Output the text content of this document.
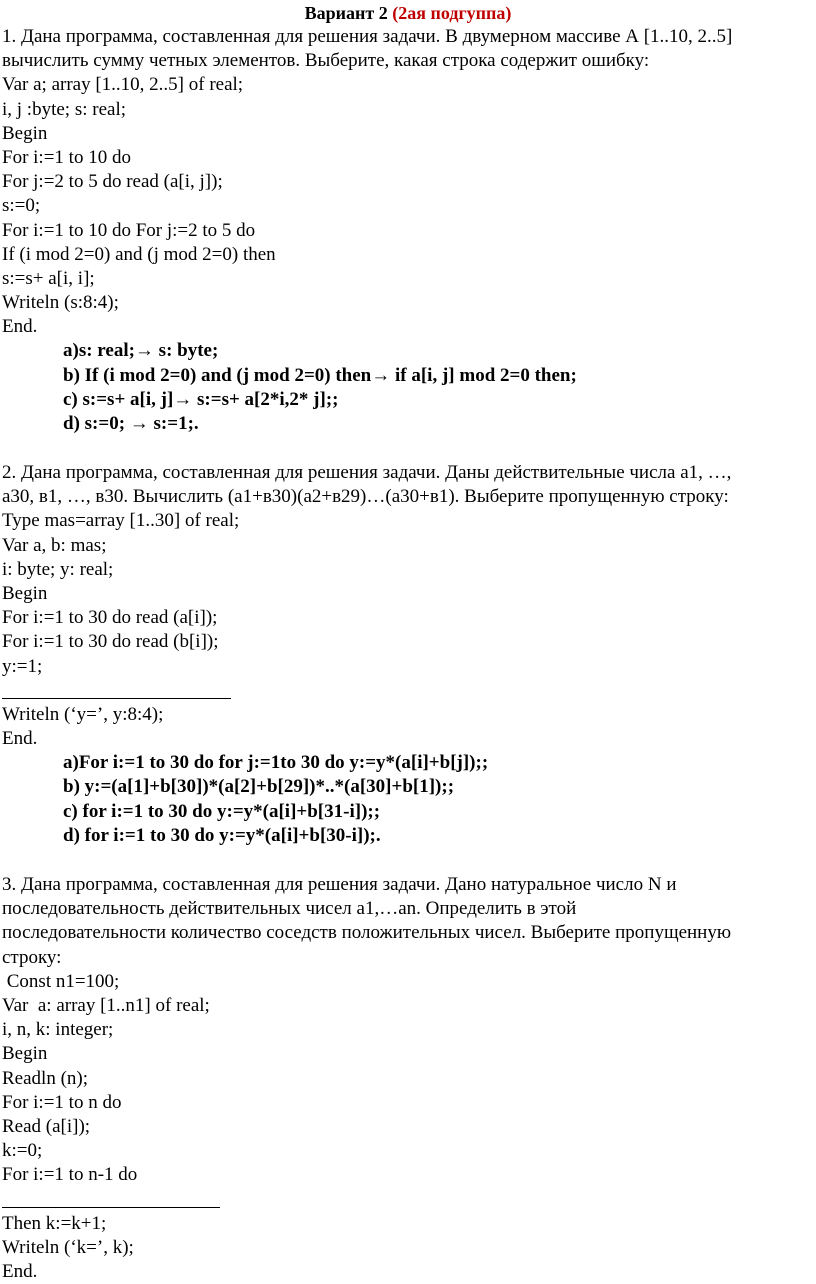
Вариант 2 (2ая подгуппа)
1. Дана программа, составленная для решения задачи. В двумерном массиве А [1..10, 2..5]
вычислить сумму четных элементов. Выберите, какая строка содержит ошибку:
Var a; array [1..10, 2..5] of real;
i, j :byte; s: real;
Begin
For i:=1 to 10 do
For j:=2 to 5 do read (a[i, j]);
s:=0;
For i:=1 to 10 do For j:=2 to 5 do
If (i mod 2=0) and (j mod 2=0) then
s:=s+ a[i, i];
Writeln (s:8:4);
End.
a)s: real;→ s: byte;
b) If (i mod 2=0) and (j mod 2=0) then→ if a[i, j] mod 2=0 then;
c) s:=s+ a[i, j]→ s:=s+ a[2*i,2* j];;
d) s:=0; → s:=1;.
2. Дана программа, составленная для решения задачи. Даны действительные числа а1, …,
а30, в1, …, в30. Вычислить (а1+в30)(а2+в29)…(а30+в1). Выберите пропущенную строку:
Type mas=array [1..30] of real;
Var a, b: mas;
i: byte; y: real;
Begin
For i:=1 to 30 do read (a[i]);
For i:=1 to 30 do read (b[i]);
y:=1;
Writeln (‘y=’, y:8:4);
End.
a)For i:=1 to 30 do for j:=1to 30 do y:=y*(a[i]+b[j]);;
b) y:=(a[1]+b[30])*(a[2]+b[29])*..*(a[30]+b[1]);;
c) for i:=1 to 30 do y:=y*(a[i]+b[31-i]);;
d) for i:=1 to 30 do y:=y*(a[i]+b[30-i]);.
3. Дана программа, составленная для решения задачи. Дано натуральное число N и
последовательность действительных чисел а1,…аn. Определить в этой
последовательности количество соседств положительных чисел. Выберите пропущенную
строку:
Const n1=100;
Var  a: array [1..n1] of real;
i, n, k: integer;
Begin
Readln (n);
For i:=1 to n do
Read (a[i]);
k:=0;
For i:=1 to n-1 do
Then k:=k+1;
Writeln (‘k=’, k);
End.
